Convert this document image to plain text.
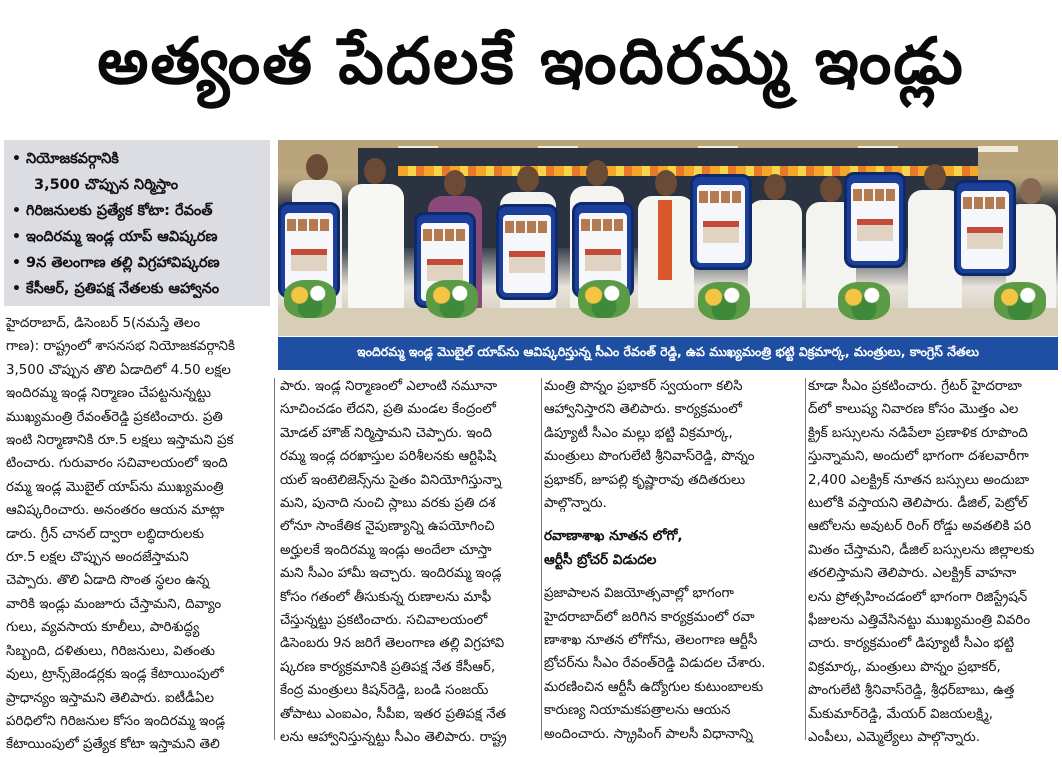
అత్యంత పేదలకే ఇందిరమ్మ ఇండ్లు
• నియోజకవర్గానికి
3,500 చొప్పున నిర్మిస్తాం
• గిరిజనులకు ప్రత్యేక కోటా: రేవంత్
• ఇందిరమ్మ ఇండ్ల యాప్ ఆవిష్కరణ
• 9న తెలంగాణ తల్లి విగ్రహావిష్కరణ
• కేసీఆర్, ప్రతిపక్ష నేతలకు ఆహ్వానం
ఇందిరమ్మ ఇండ్ల మొబైల్ యాప్‌ను ఆవిష్కరిస్తున్న సీఎం రేవంత్ రెడ్డి, ఉప ముఖ్యమంత్రి భట్టి విక్రమార్క, మంత్రులు, కాంగ్రెస్ నేతలు

హైదరాబాద్, డిసెంబర్ 5(నమస్తే తెలం

గాణ): రాష్ట్రంలో శాసనసభ నియోజకవర్గానికి

3,500 చొప్పున తొలి ఏడాదిలో 4.50 లక్షల

ఇందిరమ్మ ఇండ్ల నిర్మాణం చేపట్టనున్నట్టు

ముఖ్యమంత్రి రేవంత్‌రెడ్డి ప్రకటించారు. ప్రతి

ఇంటి నిర్మాణానికి రూ.5 లక్షలు ఇస్తామని ప్రక

టించారు. గురువారం సచివాలయంలో ఇంది

రమ్మ ఇండ్ల మొబైల్ యాప్‌ను ముఖ్యమంత్రి

ఆవిష్కరించారు. అనంతరం ఆయన మాట్లా

డారు. గ్రీన్ చానల్ ద్వారా లబ్ధిదారులకు

రూ.5 లక్షల చొప్పున అందజేస్తామని

చెప్పారు. తొలి ఏడాది సొంత స్థలం ఉన్న

వారికి ఇండ్లు మంజూరు చేస్తామని, దివ్యాం

గులు, వ్యవసాయ కూలీలు, పారిశుద్ధ్య

సిబ్బంది, దళితులు, గిరిజనులు, వితంతు

వులు, ట్రాన్స్‌జెండర్లకు ఇండ్ల కేటాయింపులో

ప్రాధాన్యం ఇస్తామని తెలిపారు. ఐటీడీఏల

పరిధిలోని గిరిజనుల కోసం ఇందిరమ్మ ఇండ్ల

కేటాయింపులో ప్రత్యేక కోటా ఇస్తామని తెలి

పారు. ఇండ్ల నిర్మాణంలో ఎలాంటి నమూనా

సూచించడం లేదని, ప్రతి మండల కేంద్రంలో

మోడల్ హౌజ్ నిర్మిస్తామని చెప్పారు. ఇంది

రమ్మ ఇండ్ల దరఖాస్తుల పరిశీలనకు ఆర్టిఫిషి

యల్ ఇంటెలిజెన్స్‌ను సైతం వినియోగిస్తున్నా

మని, పునాది నుంచి స్లాబు వరకు ప్రతి దశ

లోనూ సాంకేతిక నైపుణ్యాన్ని ఉపయోగించి

అర్హులకే ఇందిరమ్మ ఇండ్లు అందేలా చూస్తా

మని సీఎం హామీ ఇచ్చారు. ఇందిరమ్మ ఇండ్ల

కోసం గతంలో తీసుకున్న రుణాలను మాఫీ

చేస్తున్నట్టు ప్రకటించారు. సచివాలయంలో

డిసెంబరు 9న జరిగే తెలంగాణ తల్లి విగ్రహావి

ష్కరణ కార్యక్రమానికి ప్రతిపక్ష నేత కేసీఆర్,

కేంద్ర మంత్రులు కిషన్‌రెడ్డి, బండి సంజయ్‌

తోపాటు ఎంఐఎం, సీపీఐ, ఇతర ప్రతిపక్ష నేత

లను ఆహ్వానిస్తున్నట్టు సీఎం తెలిపారు. రాష్ట్ర

మంత్రి పొన్నం ప్రభాకర్ స్వయంగా కలిసి

ఆహ్వానిస్తారని తెలిపారు. కార్యక్రమంలో

డిప్యూటీ సీఎం మల్లు భట్టి విక్రమార్క,

మంత్రులు పొంగులేటి శ్రీనివాస్‌రెడ్డి, పొన్నం

ప్రభాకర్, జూపల్లి కృష్ణారావు తదితరులు

పాల్గొన్నారు.

రవాణాశాఖ నూతన లోగో,

ఆర్టీసీ బ్రోచర్ విడుదల

ప్రజాపాలన విజయోత్సవాల్లో భాగంగా

హైదరాబాద్‌లో జరిగిన కార్యక్రమంలో రవా

ణాశాఖ నూతన లోగోను, తెలంగాణ ఆర్టీసీ

బ్రోచర్‌ను సీఎం రేవంత్‌రెడ్డి విడుదల చేశారు.

మరణించిన ఆర్టీసీ ఉద్యోగుల కుటుంబాలకు

కారుణ్య నియామకపత్రాలను ఆయన

అందించారు. స్క్రాపింగ్ పాలసీ విధానాన్ని

కూడా సీఎం ప్రకటించారు. గ్రేటర్ హైదరాబా

ద్‌లో కాలుష్య నివారణ కోసం మొత్తం ఎల

క్ట్రిక్ బస్సులను నడిపేలా ప్రణాళిక రూపొంది

స్తున్నామని, అందులో భాగంగా దశలవారీగా

2,400 ఎలక్ట్రిక్ నూతన బస్సులు అందుబా

టులోకి వస్తాయని తెలిపారు. డీజిల్, పెట్రోల్

ఆటోలను అవుటర్ రింగ్ రోడ్డు అవతలికి పరి

మితం చేస్తామని, డీజిల్ బస్సులను జిల్లాలకు

తరలిస్తామని తెలిపారు. ఎలక్ట్రిక్ వాహనా

లను ప్రోత్సహించడంలో భాగంగా రిజిస్ట్రేషన్

ఫీజులను ఎత్తివేసినట్టు ముఖ్యమంత్రి వివరిం

చారు. కార్యక్రమంలో డిప్యూటీ సీఎం భట్టి

విక్రమార్క, మంత్రులు పొన్నం ప్రభాకర్,

పొంగులేటి శ్రీనివాస్‌రెడ్డి, శ్రీధర్‌బాబు, ఉత్త

మ్‌కుమార్‌రెడ్డి, మేయర్ విజయలక్ష్మి,

ఎంపీలు, ఎమ్మెల్యేలు పాల్గొన్నారు.
